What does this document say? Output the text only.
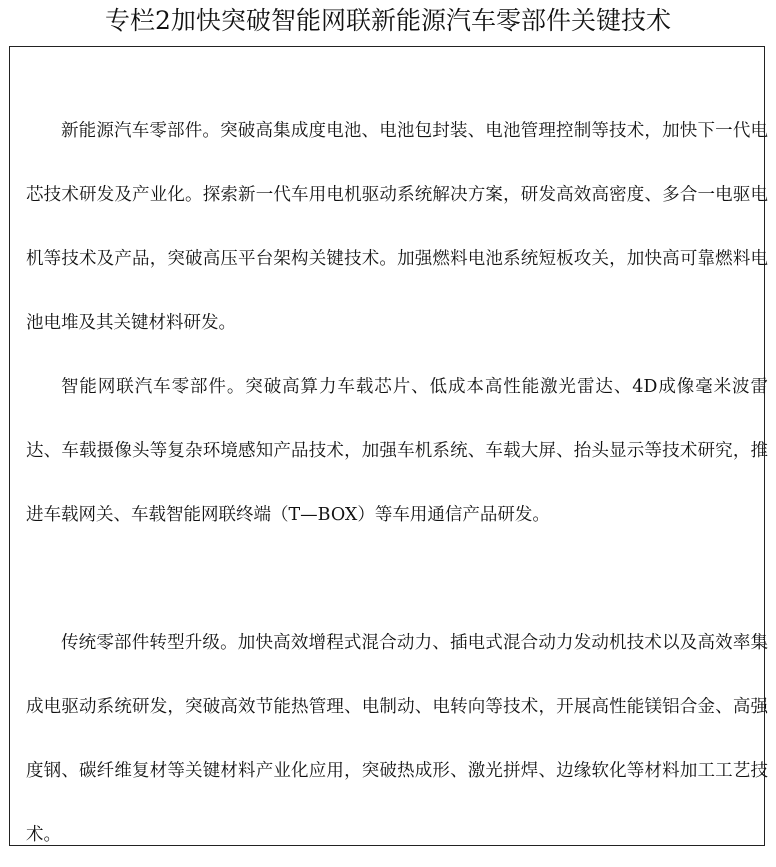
专栏2加快突破智能网联新能源汽车零部件关键技术

新能源汽车零部件。突破高集成度电池、电池包封装、电池管理控制等技术，加快下一代电芯技术研发及产业化。探索新一代车用电机驱动系统解决方案，研发高效高密度、多合一电驱电机等技术及产品，突破高压平台架构关键技术。加强燃料电池系统短板攻关，加快高可靠燃料电池电堆及其关键材料研发。

智能网联汽车零部件。突破高算力车载芯片、低成本高性能激光雷达、4D成像毫米波雷达、车载摄像头等复杂环境感知产品技术，加强车机系统、车载大屏、抬头显示等技术研究，推进车载网关、车载智能网联终端（T—BOX）等车用通信产品研发。

传统零部件转型升级。加快高效增程式混合动力、插电式混合动力发动机技术以及高效率集成电驱动系统研发，突破高效节能热管理、电制动、电转向等技术，开展高性能镁铝合金、高强度钢、碳纤维复材等关键材料产业化应用，突破热成形、激光拼焊、边缘软化等材料加工工艺技术。
